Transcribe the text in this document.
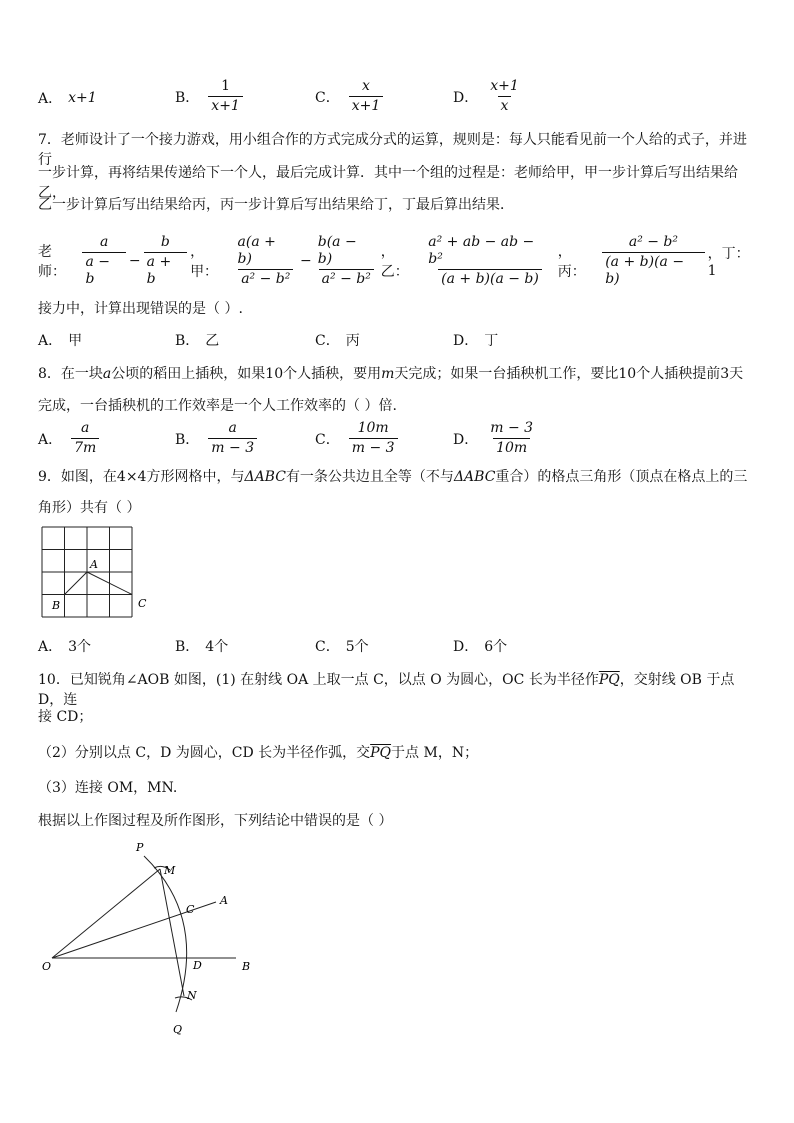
A． x+1	B． $\frac{1}{x+1}$	C． $\frac{x}{x+1}$	D． $\frac{x+1}{x}$
7．老师设计了一个接力游戏，用小组合作的方式完成分式的运算，规则是：每人只能看见前一个人给的式子，并进行
一步计算，再将结果传递给下一个人，最后完成计算．其中一个组的过程是：老师给甲，甲一步计算后写出结果给乙，
乙一步计算后写出结果给丙，丙一步计算后写出结果给丁，丁最后算出结果．
老师：	$\frac{a}{a - b} - \frac{b}{a + b}$ ，甲：	$\frac{a(a + b)}{\text{a² − b²}} - \frac{b(a - b)}{\text{a² − b²}}$ ，乙：	$\frac{\text{a² + ab − ab − b²}}{(a + b)(a - b)}$ ，丙：	$\frac{\text{a² − b²}}{(a + b)(a - b)}$ ，丁：1
接力中，计算出现错误的是（ ）.
A． 甲	B． 乙	C． 丙	D． 丁
8．在一块a公顷的稻田上插秧，如果10个人插秧，要用m天完成；如果一台插秧机工作，要比10个人插秧提前3天
完成，一台插秧机的工作效率是一个人工作效率的（ ）倍.
A． $\frac{a}{7m}$	B． $\frac{a}{m - 3}$	C． $\frac{10m}{m - 3}$	D． $\frac{m - 3}{10m}$
9．如图，在4×4方形网格中，与ΔABC有一条公共边且全等（不与ΔABC重合）的格点三角形（顶点在格点上的三
角形）共有（ ）
A
B	C
A． 3个	B． 4个	C． 5个	D． 6个
10．已知锐角∠AOB 如图，(1) 在射线 OA 上取一点 C，以点 O 为圆心，OC 长为半径作$\overline{PQ}$，交射线 OB 于点 D，连
接 CD；
（2）分别以点 C，D 为圆心，CD 长为半径作弧，交$\overline{PQ}$于点 M，N；
（3）连接 OM，MN.
根据以上作图过程及所作图形，下列结论中错误的是（ ）
P
M
A
C
O	D	B
N
Q
